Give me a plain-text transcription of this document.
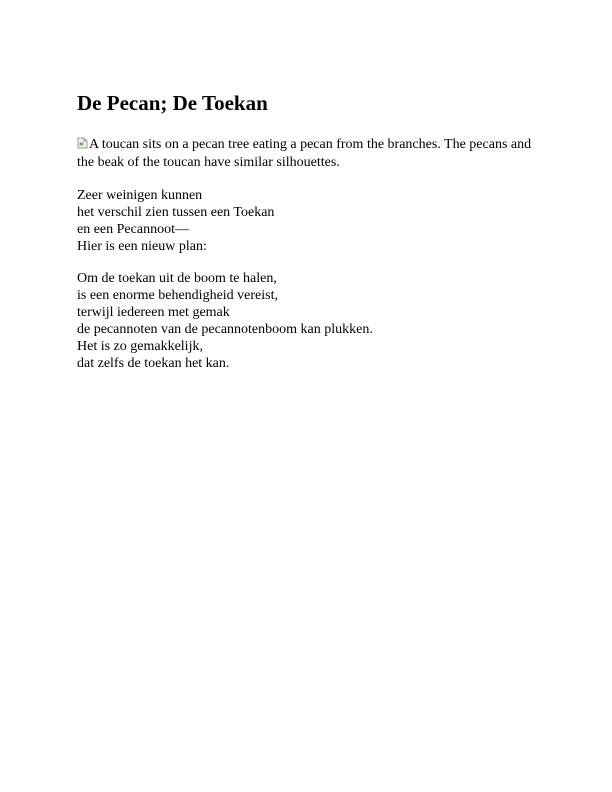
De Pecan; De Toekan

A toucan sits on a pecan tree eating a pecan from the branches. The pecans and the beak of the toucan have similar silhouettes.

Zeer weinigen kunnen
het verschil zien tussen een Toekan
en een Pecannoot—
Hier is een nieuw plan:

Om de toekan uit de boom te halen,
is een enorme behendigheid vereist,
terwijl iedereen met gemak
de pecannoten van de pecannotenboom kan plukken.
Het is zo gemakkelijk,
dat zelfs de toekan het kan.
